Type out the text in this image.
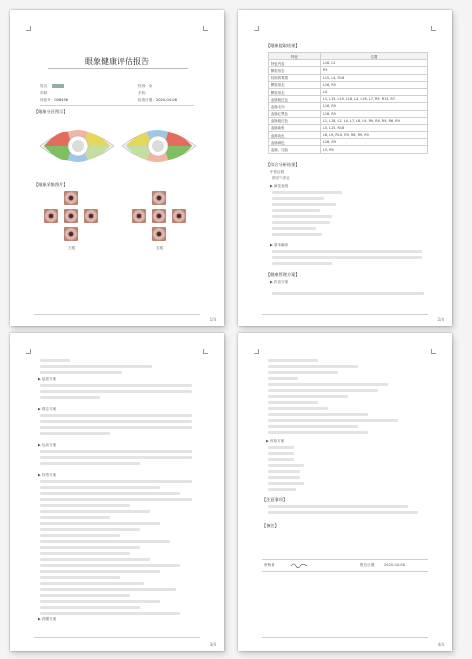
眼象健康评估报告
姓名：
年龄：
体检号：008456
性别：女
手机：
检查日期：2020-04-08
【眼象分区图示】
【眼象采集图片】
左眼	右眼
1/4
【眼象提取结果】
特征	位置
特征内容	L18, L2
颗粒形态	R5
较暗的雾斑	L15, L4, R18
颗粒形态	L16, R5
颗粒形态	L4
血脉粗红色	L1, L15, L19, L18, L3, L16, L7, R9, R13, R7
血脉走向	L16, R5
血脉红黑色	L16, R5
血脉粗红色	L1, L18, L2, L4, L7, L8, L9, R9, R4, R9, R6, R9
血脉曲张	L5, L15, R18
血脉淡色	L8, L9, R10, R9, R6, R9, R9
血脉颜色	L16, R9
血脉，迂曲	L5, R9
【综合分析结果】
中医证候
脾虚气滞证
▶ 病变表现
▶ 基本解读
【健康管理方案】
▶ 饮食方案
2/4
▶ 起居方案
▶ 情志方案
▶ 运动方案
▶ 经络方案
▶ 药膳方案
3/4
▶ 体检方案
【注意事项】
【备注】
审核者	报告日期	2020-04-08
4/4
